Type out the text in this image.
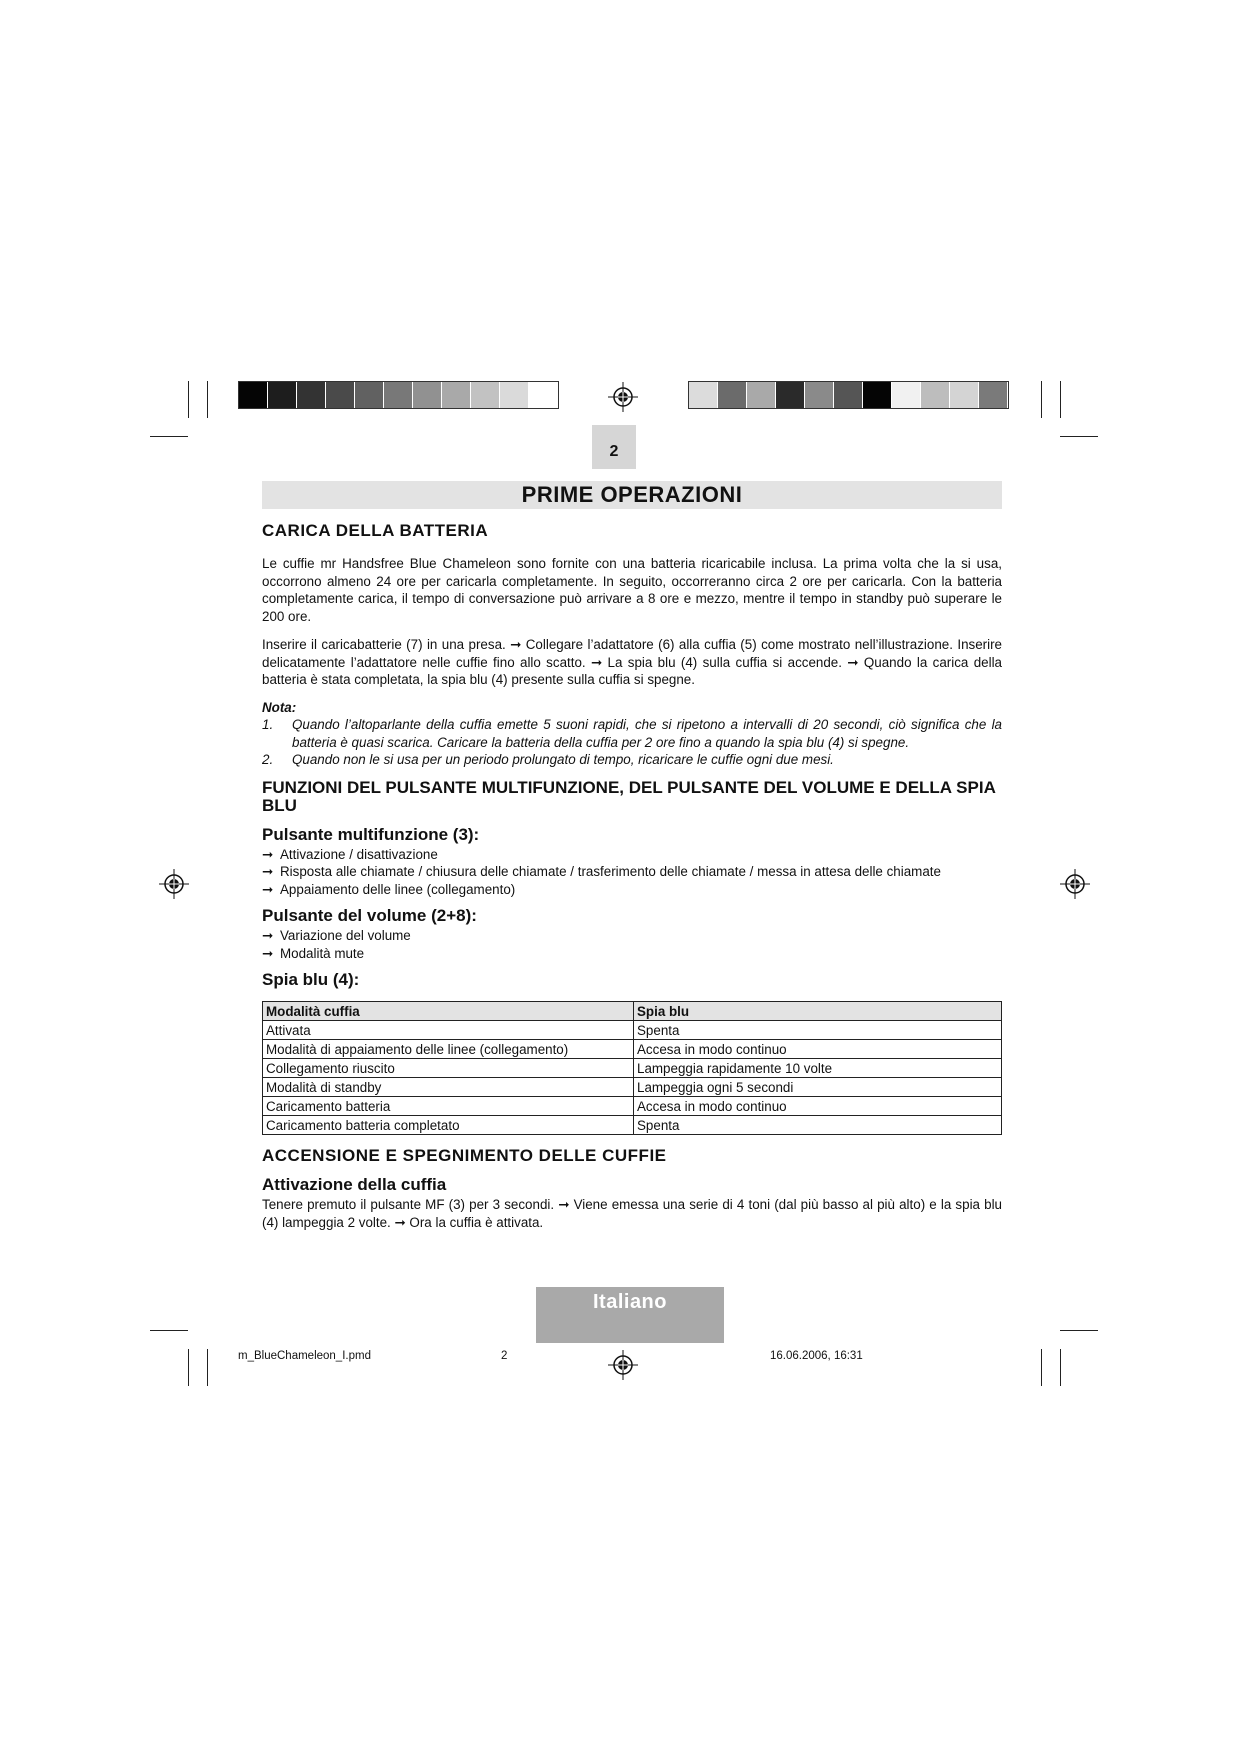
2
PRIME OPERAZIONI
CARICA DELLA BATTERIA

Le cuffie mr Handsfree Blue Chameleon sono fornite con una batteria ricaricabile inclusa. La prima volta che la si usa, occorrono almeno 24 ore per caricarla completamente. In seguito, occorreranno circa 2 ore per caricarla. Con la batteria completamente carica, il tempo di conversazione può arrivare a 8 ore e mezzo, mentre il tempo in standby può superare le 200 ore.

Inserire il caricabatterie (7) in una presa. ➞ Collegare l’adattatore (6) alla cuffia (5) come mostrato nell’illustrazione. Inserire delicatamente l’adattatore nelle cuffie fino allo scatto. ➞ La spia blu (4) sulla cuffia si accende. ➞ Quando la carica della batteria è stata completata, la spia blu (4) presente sulla cuffia si spegne.

Nota:

1.	Quando l’altoparlante della cuffia emette 5 suoni rapidi, che si ripetono a intervalli di 20 secondi, ciò significa che la batteria è quasi scarica. Caricare la batteria della cuffia per 2 ore fino a quando la spia blu (4) si spegne.
2.	Quando non le si usa per un periodo prolungato di tempo, ricaricare le cuffie ogni due mesi.
FUNZIONI DEL PULSANTE MULTIFUNZIONE, DEL PULSANTE DEL VOLUME E DELLA SPIA BLU
Pulsante multifunzione (3):

➞ Attivazione / disattivazione

➞ Risposta alle chiamate / chiusura delle chiamate / trasferimento delle chiamate / messa in attesa delle chiamate

➞ Appaiamento delle linee (collegamento)

Pulsante del volume (2+8):

➞ Variazione del volume

➞ Modalità mute

Spia blu (4):
Modalità cuffia	Spia blu
Attivata	Spenta
Modalità di appaiamento delle linee (collegamento)	Accesa in modo continuo
Collegamento riuscito	Lampeggia rapidamente 10 volte
Modalità di standby	Lampeggia ogni 5 secondi
Caricamento batteria	Accesa in modo continuo
Caricamento batteria completato	Spenta
ACCENSIONE E SPEGNIMENTO DELLE CUFFIE
Attivazione della cuffia

Tenere premuto il pulsante MF (3) per 3 secondi. ➞ Viene emessa una serie di 4 toni (dal più basso al più alto) e la spia blu (4) lampeggia 2 volte. ➞ Ora la cuffia è attivata.

Italiano
m_BlueChameleon_I.pmd	2	16.06.2006, 16:31
